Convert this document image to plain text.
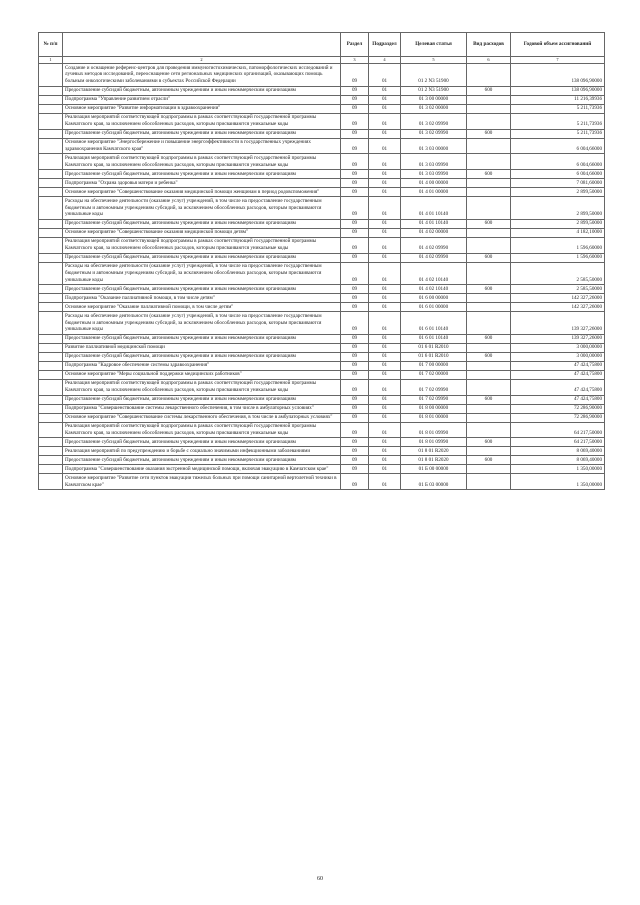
№ п/п		Раздел	Подраздел	Целевая статья	Вид расходов	Годовой объем ассигнований
1	2	3	4	5	6	7
	Создание и оснащение референс-центров для проведения иммуногистохимических, патоморфологических исследований и лучевых методов исследований, переоснащение сети региональных медицинских организаций, оказывающих помощь больным онкологическими заболеваниями в субъектах Российской Федерации	09	01	01 2 N3 51900		138 096,90000
	Предоставление субсидий бюджетным, автономным учреждениям и иным некоммерческим организациям	09	01	01 2 N3 51900	600	138 096,90000
	Подпрограмма "Управление развитием отрасли"	09	01	01 3 00 00000		11 216,39936
	Основное мероприятие "Развитие информатизации в здравоохранении"	09	01	01 3 02 00000		5 211,73936
	Реализация мероприятий соответствующей подпрограммы в рамках соответствующей государственной программы Камчатского края, за исключением обособленных расходов, которым присваиваются уникальные коды	09	01	01 3 02 09990		5 211,73936
	Предоставление субсидий бюджетным, автономным учреждениям и иным некоммерческим организациям	09	01	01 3 02 09990	600	5 211,73936
	Основное мероприятие "Энергосбережение и повышение энергоэффективности в государственных учреждениях здравоохранения Камчатского края"	09	01	01 3 03 00000		6 004,66000
	Реализация мероприятий соответствующей подпрограммы в рамках соответствующей государственной программы Камчатского края, за исключением обособленных расходов, которым присваиваются уникальные коды	09	01	01 3 03 09990		6 004,66000
	Предоставление субсидий бюджетным, автономным учреждениям и иным некоммерческим организациям	09	01	01 3 03 09990	600	6 004,66000
	Подпрограмма "Охрана здоровья матери и ребенка"	09	01	01 4 00 00000		7 081,60000
	Основное мероприятие "Совершенствование оказания медицинской помощи женщинам в период родовспоможения"	09	01	01 4 01 00000		2 899,50000
	Расходы на обеспечение деятельности (оказание услуг) учреждений, в том числе на предоставление государственным бюджетным и автономным учреждениям субсидий, за исключением обособленных расходов, которым присваиваются уникальные коды	09	01	01 4 01 10140		2 899,50000
	Предоставление субсидий бюджетным, автономным учреждениям и иным некоммерческим организациям	09	01	01 4 01 10140	600	2 899,50000
	Основное мероприятие "Совершенствование оказания медицинской помощи детям"	09	01	01 4 02 00000		4 182,10000
	Реализация мероприятий соответствующей подпрограммы в рамках соответствующей государственной программы Камчатского края, за исключением обособленных расходов, которым присваиваются уникальные коды	09	01	01 4 02 09990		1 596,60000
	Предоставление субсидий бюджетным, автономным учреждениям и иным некоммерческим организациям	09	01	01 4 02 09990	600	1 596,60000
	Расходы на обеспечение деятельности (оказание услуг) учреждений, в том числе на предоставление государственным бюджетным и автономным учреждениям субсидий, за исключением обособленных расходов, которым присваиваются уникальные коды	09	01	01 4 02 10140		2 585,50000
	Предоставление субсидий бюджетным, автономным учреждениям и иным некоммерческим организациям	09	01	01 4 02 10140	600	2 585,50000
	Подпрограмма "Оказание паллиативной помощи, в том числе детям"	09	01	01 6 00 00000		142 327,26000
	Основное мероприятие "Оказание паллиативной помощи, в том числе детям"	09	01	01 6 01 00000		142 327,26000
	Расходы на обеспечение деятельности (оказание услуг) учреждений, в том числе на предоставление государственным бюджетным и автономным учреждениям субсидий, за исключением обособленных расходов, которым присваиваются уникальные коды	09	01	01 6 01 10140		139 327,26000
	Предоставление субсидий бюджетным, автономным учреждениям и иным некоммерческим организациям	09	01	01 6 01 10140	600	139 327,26000
	Развитие паллиативной медицинской помощи	09	01	01 6 01 R2010		3 000,00000
	Предоставление субсидий бюджетным, автономным учреждениям и иным некоммерческим организациям	09	01	01 6 01 R2010	600	3 000,00000
	Подпрограмма "Кадровое обеспечение системы здравоохранения"	09	01	01 7 00 00000		47 424,75800
	Основное мероприятие "Меры социальной поддержки медицинских работников"	09	01	01 7 02 00000		47 424,75800
	Реализация мероприятий соответствующей подпрограммы в рамках соответствующей государственной программы Камчатского края, за исключением обособленных расходов, которым присваиваются уникальные коды	09	01	01 7 02 09990		47 424,75800
	Предоставление субсидий бюджетным, автономным учреждениям и иным некоммерческим организациям	09	01	01 7 02 09990	600	47 424,75800
	Подпрограмма "Совершенствование системы лекарственного обеспечения, в том числе в амбулаторных условиях"	09	01	01 8 00 00000		72 286,90000
	Основное мероприятие "Совершенствование системы лекарственного обеспечения, в том числе в амбулаторных условиях"	09	01	01 8 01 00000		72 286,90000
	Реализация мероприятий соответствующей подпрограммы в рамках соответствующей государственной программы Камчатского края, за исключением обособленных расходов, которым присваиваются уникальные коды	09	01	01 8 01 09990		64 217,50000
	Предоставление субсидий бюджетным, автономным учреждениям и иным некоммерческим организациям	09	01	01 8 01 09990	600	64 217,50000
	Реализация мероприятий по предупреждению и борьбе с социально значимыми инфекционными заболеваниями	09	01	01 8 01 R2020		8 069,40000
	Предоставление субсидий бюджетным, автономным учреждениям и иным некоммерческим организациям	09	01	01 8 01 R2020	600	8 069,40000
	Подпрограмма "Совершенствование оказания экстренной медицинской помощи, включая эвакуацию в Камчатском крае"	09	01	01 Б 00 00000		1 350,00000
	Основное мероприятие "Развитие сети пунктов эвакуации тяжелых больных при помощи санитарной вертолетной техники в Камчатском крае"	09	01	01 Б 03 00000		1 350,00000
60
